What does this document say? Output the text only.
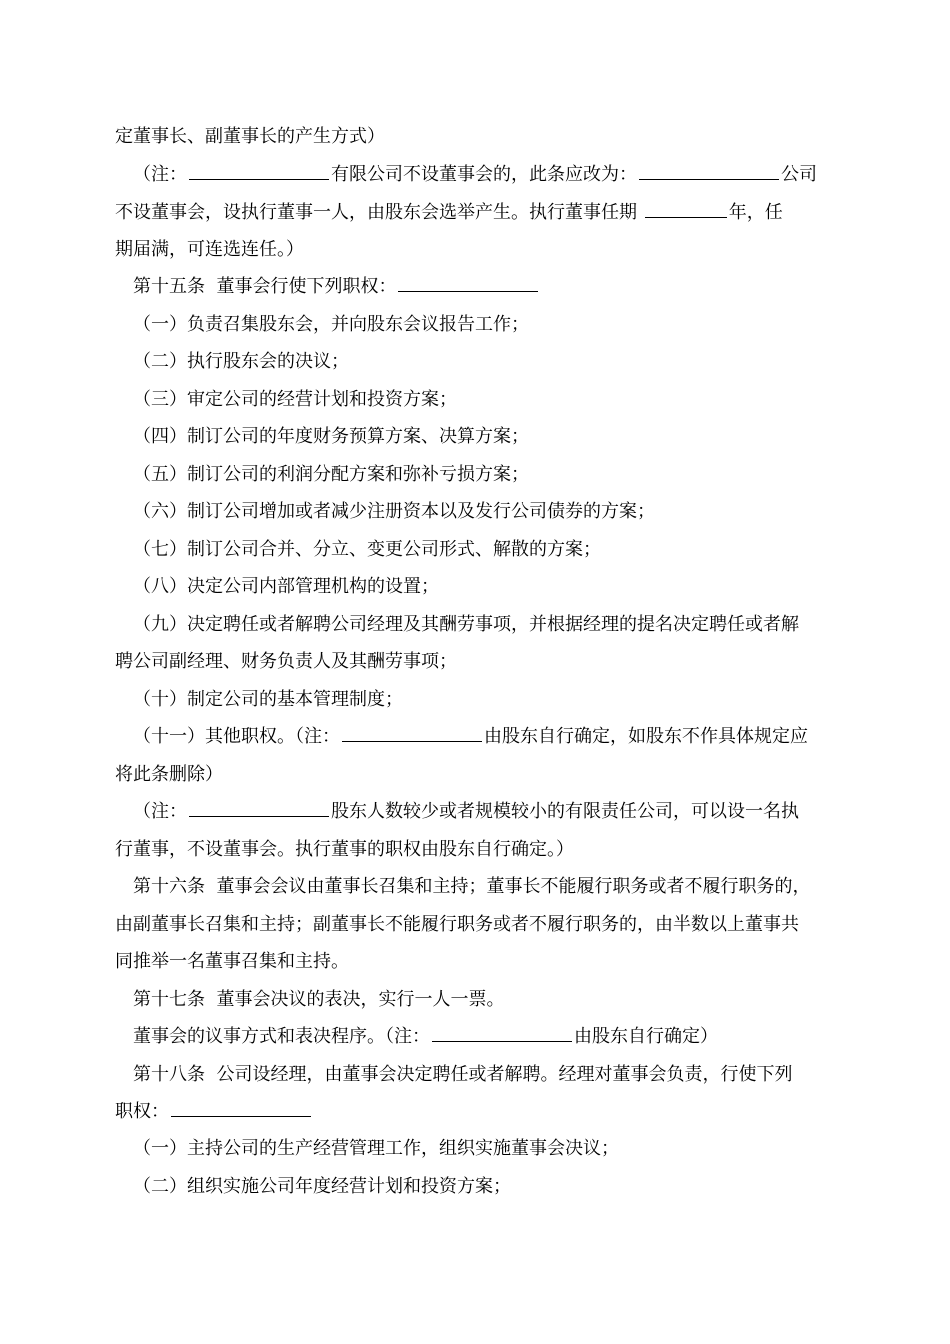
定董事长、副董事长的产生方式）
（注：	有限公司不设董事会的，此条应改为：	公司
不设董事会，设执行董事一人，由股东会选举产生。执行董事任期	年，任
期届满，可连选连任。）
第十五条  董事会行使下列职权：
（一）负责召集股东会，并向股东会议报告工作；
（二）执行股东会的决议；
（三）审定公司的经营计划和投资方案；
（四）制订公司的年度财务预算方案、决算方案；
（五）制订公司的利润分配方案和弥补亏损方案；
（六）制订公司增加或者减少注册资本以及发行公司债券的方案；
（七）制订公司合并、分立、变更公司形式、解散的方案；
（八）决定公司内部管理机构的设置；
（九）决定聘任或者解聘公司经理及其酬劳事项，并根据经理的提名决定聘任或者解
聘公司副经理、财务负责人及其酬劳事项；
（十）制定公司的基本管理制度；
（十一）其他职权。（注：	由股东自行确定，如股东不作具体规定应
将此条删除）
（注：	股东人数较少或者规模较小的有限责任公司，可以设一名执
行董事，不设董事会。执行董事的职权由股东自行确定。）
第十六条  董事会会议由董事长召集和主持；董事长不能履行职务或者不履行职务的，
由副董事长召集和主持；副董事长不能履行职务或者不履行职务的，由半数以上董事共
同推举一名董事召集和主持。
第十七条  董事会决议的表决，实行一人一票。
董事会的议事方式和表决程序。（注：	由股东自行确定）
第十八条  公司设经理，由董事会决定聘任或者解聘。经理对董事会负责，行使下列
职权：
（一）主持公司的生产经营管理工作，组织实施董事会决议；
（二）组织实施公司年度经营计划和投资方案；
